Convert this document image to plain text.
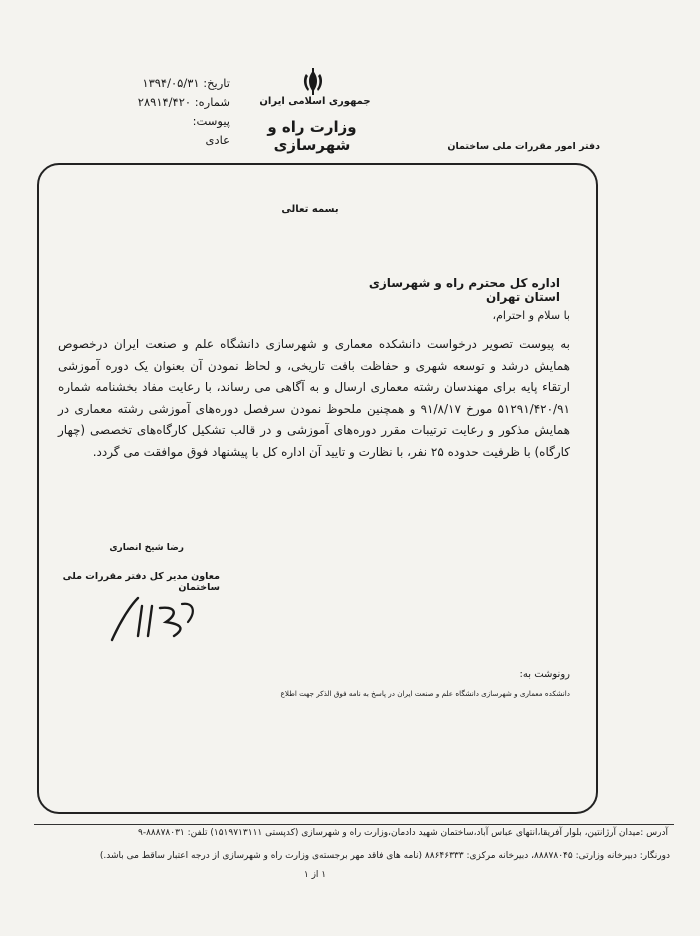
جمهوری اسلامی ایران
وزارت راه و شهرسازی	دفتر امور مقررات ملی ساختمان
تاریخ: ۱۳۹۴/۰۵/۳۱
شماره: ۲۸۹۱۴/۴۲۰
پیوست:
عادی
بسمه تعالی
اداره کل محترم راه و شهرسازی استان تهران
با سلام و احترام،
به پیوست تصویر درخواست دانشکده معماری و شهرسازی دانشگاه علم و صنعت ایران درخصوص همایش درشد و توسعه شهری و حفاظت بافت تاریخی، و لحاظ نمودن آن بعنوان یک دوره آموزشی ارتقاء پایه برای مهندسان رشته معماری ارسال و به آگاهی می رساند، با رعایت مفاد بخشنامه شماره ۵۱۲۹۱/۴۲۰/۹۱ مورخ ۹۱/۸/۱۷ و همچنین ملحوظ نمودن سرفصل دوره‌های آموزشی رشته معماری در همایش مذکور و رعایت ترتیبات مقرر دوره‌های آموزشی و در قالب تشکیل کارگاه‌های تخصصی (چهار کارگاه) با ظرفیت حدوده ۲۵ نفر، با نظارت و تایید آن اداره کل با پیشنهاد فوق موافقت می گردد.
رضا شیخ انصاری
معاون مدیر کل دفتر مقررات ملی ساختمان
رونوشت به:
دانشکده معماری و شهرسازی دانشگاه علم و صنعت ایران در پاسخ به نامه فوق الذکر جهت اطلاع
آدرس :میدان آرژانتین، بلوار آفریقا،انتهای عباس آباد،ساختمان شهید دادمان،وزارت راه و شهرسازی (کدپستی ۱۵۱۹۷۱۳۱۱۱) تلفن: ۸۸۸۷۸۰۳۱-۹
دورنگار: دبیرخانه وزارتی: ۸۸۸۷۸۰۴۵، دبیرخانه مرکزی: ۸۸۶۴۶۳۳۳ (نامه های فاقد مهر برجسته‌ی وزارت راه و شهرسازی از درجه اعتبار ساقط می باشد.)
۱ از ۱
